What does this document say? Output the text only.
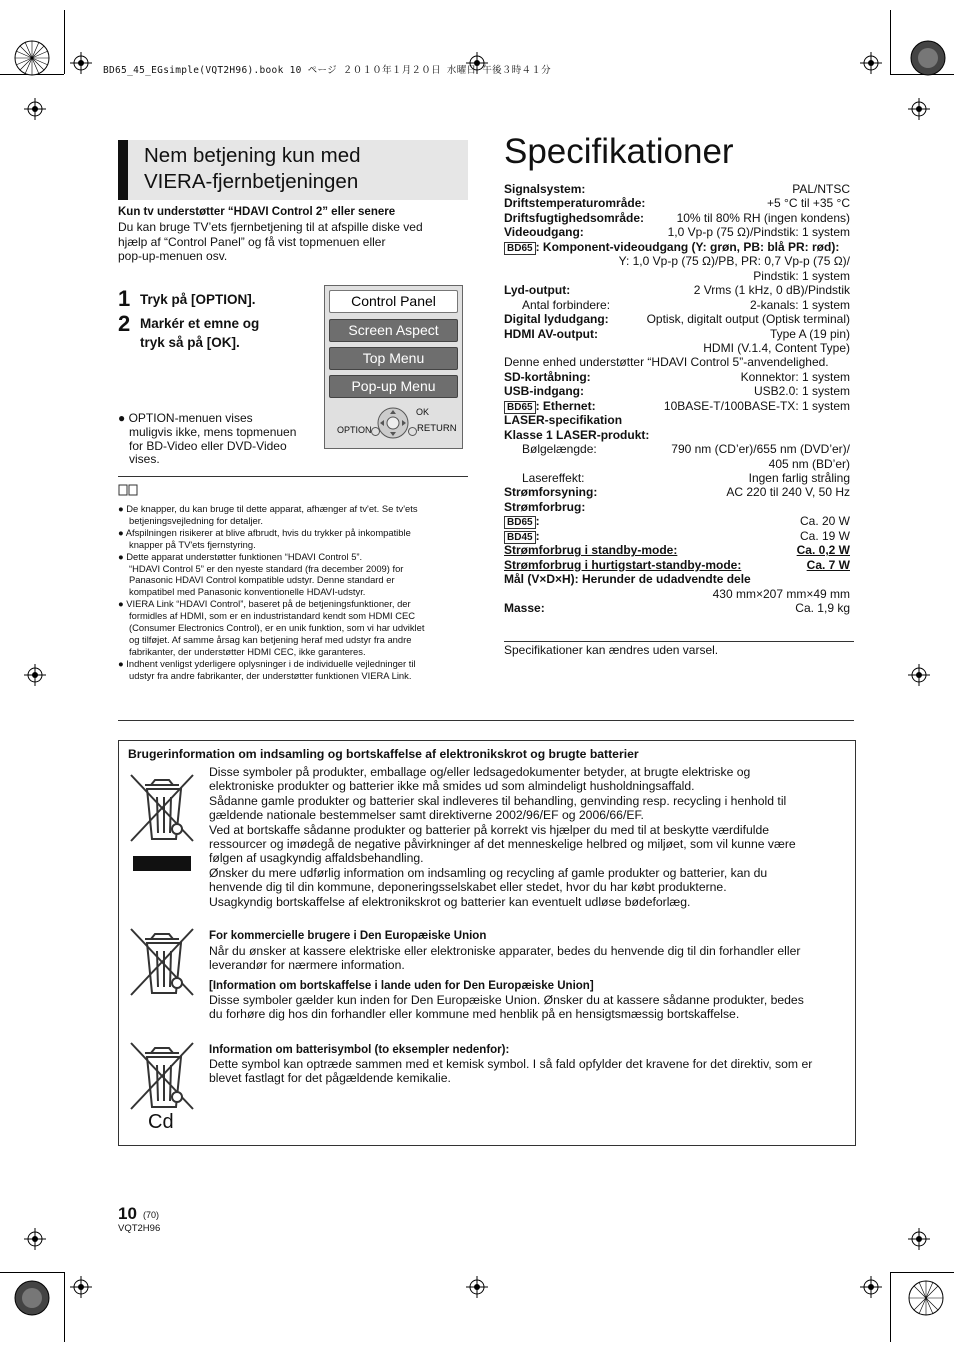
BD65_45_EGsimple(VQT2H96).book 10 ページ ２０１０年１月２０日 水曜日 午後３時４１分
Nem betjening kun med
VIERA-fjernbetjeningen
Kun tv understøtter “HDAVI Control 2” eller senere
Du kan bruge TV’ets fjernbetjening til at afspille diske ved
hjælp af “Control Panel” og få vist topmenuen eller
pop-up-menuen osv.
1 Tryk på [OPTION].
2 Markér et emne og
tryk så på [OK].
Control Panel
Screen Aspect
Top Menu
Pop-up Menu
OK
OPTION	RETURN
● OPTION-menuen vises
muligvis ikke, mens topmenuen
for BD-Video eller DVD-Video
vises.
● De knapper, du kan bruge til dette apparat, afhænger af tv'et. Se tv'ets
betjeningsvejledning for detaljer.
● Afspilningen risikerer at blive afbrudt, hvis du trykker på inkompatible
knapper på TV'ets fjernstyring.
● Dette apparat understøtter funktionen “HDAVI Control 5”.
“HDAVI Control 5” er den nyeste standard (fra december 2009) for
Panasonic HDAVI Control kompatible udstyr. Denne standard er
kompatibel med Panasonic konventionelle HDAVI-udstyr.
● VIERA Link “HDAVI Control”, baseret på de betjeningsfunktioner, der
formidles af HDMI, som er en industristandard kendt som HDMI CEC
(Consumer Electronics Control), er en unik funktion, som vi har udviklet
og tilføjet. Af samme årsag kan betjening heraf med udstyr fra andre
fabrikanter, der understøtter HDMI CEC, ikke garanteres.
● Indhent venligst yderligere oplysninger i de individuelle vejledninger til
udstyr fra andre fabrikanter, der understøtter funktionen VIERA Link.
Specifikationer
Signalsystem:	PAL/NTSC
Driftstemperaturområde:	+5 °C til +35 °C
Driftsfugtighedsområde:	10% til 80% RH (ingen kondens)
Videoudgang:	1,0 Vp-p (75 Ω)/Pindstik: 1 system
BD65 : Komponent-videoudgang (Y: grøn, PB: blå PR: rød):
Y: 1,0 Vp-p (75 Ω)/PB, PR: 0,7 Vp-p (75 Ω)/
Pindstik: 1 system
Lyd-output:	2 Vrms (1 kHz, 0 dB)/Pindstik
Antal forbindere:	2-kanals: 1 system
Digital lydudgang:	Optisk, digitalt output (Optisk terminal)
HDMI AV-output:	Type A (19 pin)
HDMI (V.1.4, Content Type)
Denne enhed understøtter “HDAVI Control 5”-anvendelighed.
SD-kortåbning:	Konnektor: 1 system
USB-indgang:	USB2.0: 1 system
BD65 : Ethernet:	10BASE-T/100BASE-TX: 1 system
LASER-specifikation
Klasse 1 LASER-produkt:
Bølgelængde:	790 nm (CD’er)/655 nm (DVD’er)/
405 nm (BD’er)
Lasereffekt:	Ingen farlig stråling
Strømforsyning:	AC 220 til 240 V, 50 Hz
Strømforbrug:
BD65 :	Ca. 20 W
BD45 :	Ca. 19 W
Strømforbrug i standby-mode:	Ca. 0,2 W
Strømforbrug i hurtigstart-standby-mode:	Ca. 7 W
Mål (V×D×H): Herunder de udadvendte dele
430 mm×207 mm×49 mm
Masse:	Ca. 1,9 kg
Specifikationer kan ændres uden varsel.
Brugerinformation om indsamling og bortskaffelse af elektronikskrot og brugte batterier
Disse symboler på produkter, emballage og/eller ledsagedokumenter betyder, at brugte elektriske og
elektroniske produkter og batterier ikke må smides ud som almindeligt husholdningsaffald.
Sådanne gamle produkter og batterier skal indleveres til behandling, genvinding resp. recycling i henhold til
gældende nationale bestemmelser samt direktiverne 2002/96/EF og 2006/66/EF.
Ved at bortskaffe sådanne produkter og batterier på korrekt vis hjælper du med til at beskytte værdifulde
ressourcer og imødegå de negative påvirkninger af det menneskelige helbred og miljøet, som vil kunne være
følgen af usagkyndig affaldsbehandling.
Ønsker du mere udførlig information om indsamling og recycling af gamle produkter og batterier, kan du
henvende dig til din kommune, deponeringsselskabet eller stedet, hvor du har købt produkterne.
Usagkyndig bortskaffelse af elektronikskrot og batterier kan eventuelt udløse bødeforlæg.
For kommercielle brugere i Den Europæiske Union
Når du ønsker at kassere elektriske eller elektroniske apparater, bedes du henvende dig til din forhandler eller
leverandør for nærmere information.
[Information om bortskaffelse i lande uden for Den Europæiske Union]
Disse symboler gælder kun inden for Den Europæiske Union. Ønsker du at kassere sådanne produkter, bedes
du forhøre dig hos din forhandler eller kommune med henblik på en hensigtsmæssig bortskaffelse.
Cd
Information om batterisymbol (to eksempler nedenfor):
Dette symbol kan optræde sammen med et kemisk symbol. I så fald opfylder det kravene for det direktiv, som er
blevet fastlagt for det pågældende kemikalie.
10 (70)
VQT2H96
